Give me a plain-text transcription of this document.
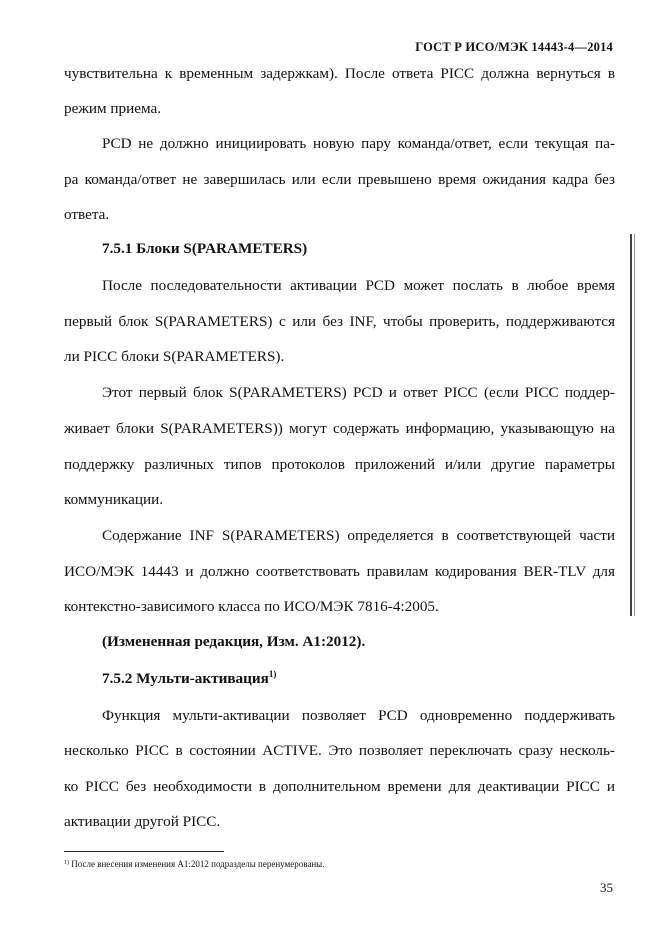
ГОСТ Р ИСО/МЭК 14443-4—2014
чувствительна к временным задержкам). После ответа PICC должна вернуться в
режим приема.
PCD не должно инициировать новую пару команда/ответ, если текущая па-
ра команда/ответ не завершилась или если превышено время ожидания кадра без
ответа.
7.5.1 Блоки S(PARAMETERS)
После последовательности активации PCD может послать в любое время
первый блок S(PARAMETERS) с или без INF, чтобы проверить, поддерживаются
ли PICC блоки S(PARAMETERS).
Этот первый блок S(PARAMETERS) PCD и ответ PICC (если PICC поддер-
живает блоки S(PARAMETERS)) могут содержать информацию, указывающую на
поддержку различных типов протоколов приложений и/или другие параметры
коммуникации.
Содержание INF S(PARAMETERS) определяется в соответствующей части
ИСО/МЭК 14443 и должно соответствовать правилам кодирования BER-TLV для
контекстно-зависимого класса по ИСО/МЭК 7816-4:2005.
(Измененная редакция, Изм. А1:2012).
7.5.2 Мульти-активация$^{1)}$
Функция мульти-активации позволяет PCD одновременно поддерживать
несколько PICC в состоянии ACTIVE. Это позволяет переключать сразу несколь-
ко PICC без необходимости в дополнительном времени для деактивации PICC и
активации другой PICC.
$^{1)}$ После внесения изменения А1:2012 подразделы перенумерованы.
35
